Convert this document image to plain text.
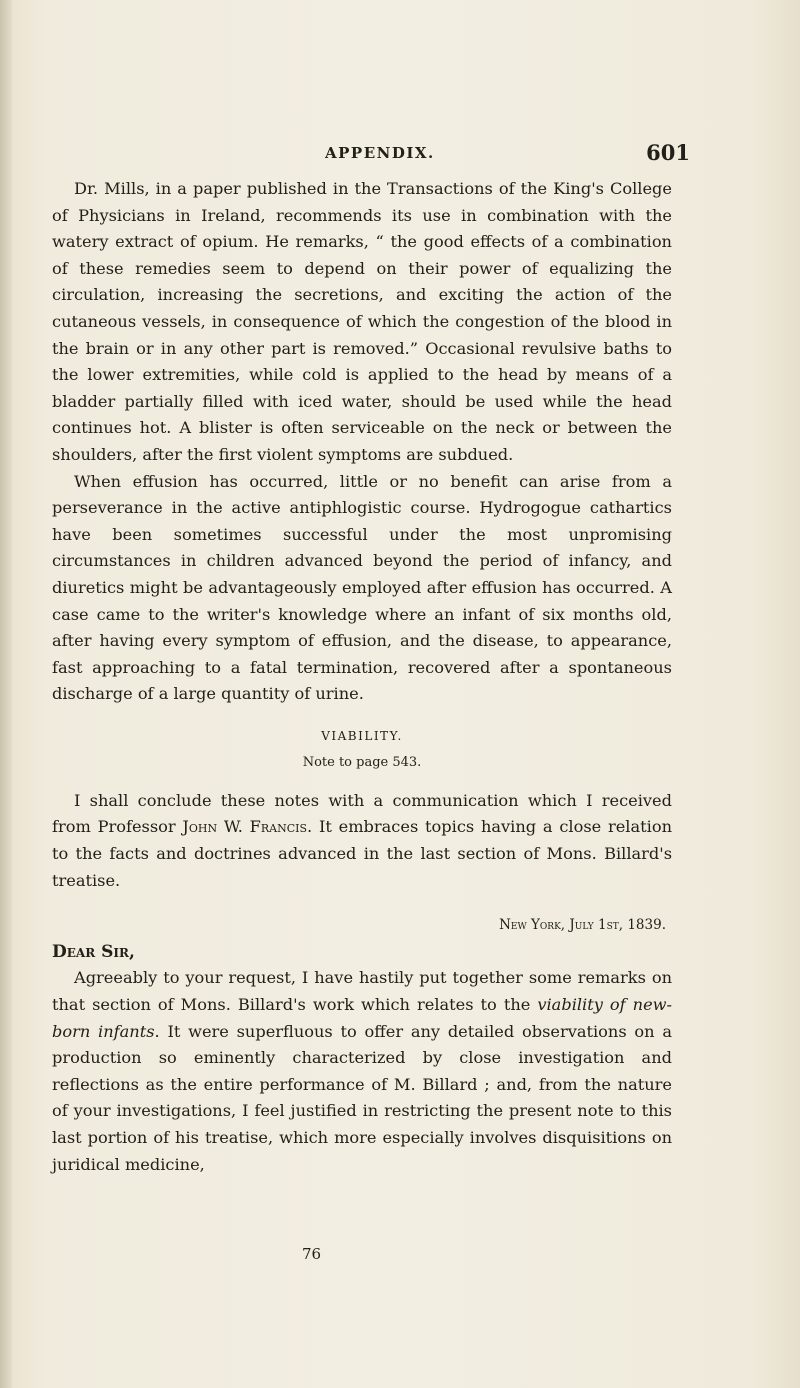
APPENDIX.	601

Dr. Mills, in a paper published in the Transactions of the King's College of Physicians in Ireland, recommends its use in combination with the watery extract of opium. He remarks, “ the good effects of a combination of these remedies seem to depend on their power of equalizing the circulation, increasing the secretions, and exciting the action of the cutaneous vessels, in consequence of which the congestion of the blood in the brain or in any other part is removed.” Occasional revulsive baths to the lower extremities, while cold is applied to the head by means of a bladder partially filled with iced water, should be used while the head continues hot. A blister is often serviceable on the neck or between the shoulders, after the first violent symptoms are subdued.

When effusion has occurred, little or no benefit can arise from a perseverance in the active antiphlogistic course. Hydrogogue cathartics have been sometimes successful under the most unpromising circumstances in children advanced beyond the period of infancy, and diuretics might be advantageously employed after effusion has occurred. A case came to the writer's knowledge where an infant of six months old, after having every symptom of effusion, and the disease, to appearance, fast approaching to a fatal termination, recovered after a spontaneous discharge of a large quantity of urine.

VIABILITY.

Note to page 543.

I shall conclude these notes with a communication which I received from Professor John W. Francis. It embraces topics having a close relation to the facts and doctrines advanced in the last section of Mons. Billard's treatise.

New York, July 1st, 1839.

Dear Sir,

Agreeably to your request, I have hastily put together some remarks on that section of Mons. Billard's work which relates to the viability of new-born infants. It were superfluous to offer any detailed observations on a production so eminently characterized by close investigation and reflections as the entire performance of M. Billard ; and, from the nature of your investigations, I feel justified in restricting the present note to this last portion of his treatise, which more especially involves disquisitions on juridical medicine,

76
